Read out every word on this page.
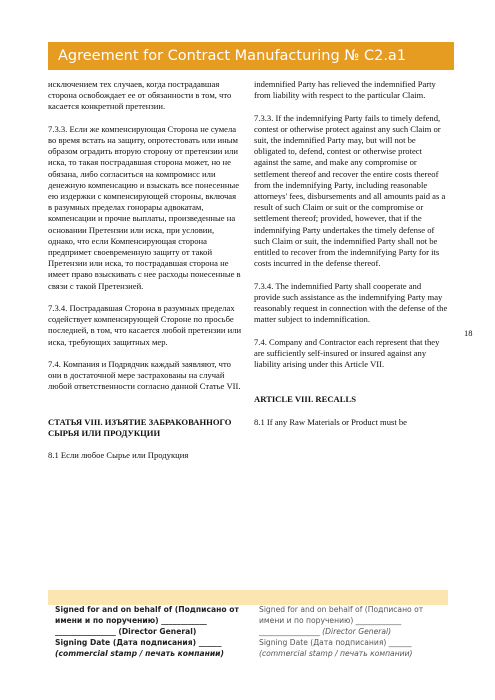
Agreement for Contract Manufacturing № C2.a1

исключением тех случаев, когда пострадавшая сторона освобождает ее от обязанности в том, что касается конкретной претензии.

7.3.3. Если же компенсирующая Сторона не сумела во время встать на защиту, опротестовать или иным образом оградить вторую сторону от претензии или иска, то такая пострадавшая сторона может, но не обязана, либо согласиться на компромисс или денежную компенсацию и взыскать все понесенные ею издержки с компенсирующей стороны, включая в разумных пределах гонорары адвокатам, компенсации и прочие выплаты, произведенные на основании Претензии или иска, при условии, однако, что если Компенсирующая сторона предпримет своевременную защиту от такой Претензии или иска, то пострадавшая сторона не имеет право взыскивать с нее расходы понесенные в связи с такой Претензией.

7.3.4. Пострадавшая Сторона в разумных пределах содействует компенсирующей Стороне по просьбе последней, в том, что касается любой претензии или иска, требующих защитных мер.

7.4. Компания и Подрядчик каждый заявляют, что они в достаточной мере застрахованы на случай любой ответственности согласно данной Статье VII.

СТАТЬЯ VIII. ИЗЪЯТИЕ ЗАБРАКОВАННОГО СЫРЬЯ ИЛИ ПРОДУКЦИИ

8.1 Если любое Сырье или Продукция

indemnified Party has relieved the indemnified Party from liability with respect to the particular Claim.

7.3.3. If the indemnifying Party fails to timely defend, contest or otherwise protect against any such Claim or suit, the indemnified Party may, but will not be obligated to, defend, contest or otherwise protect against the same, and make any compromise or settlement thereof and recover the entire costs thereof from the indemnifying Party, including reasonable attorneys' fees, disbursements and all amounts paid as a result of such Claim or suit or the compromise or settlement thereof; provided, however, that if the indemnifying Party undertakes the timely defense of such Claim or suit, the indemnified Party shall not be entitled to recover from the indemnifying Party for its costs incurred in the defense thereof.

7.3.4. The indemnified Party shall cooperate and provide such assistance as the indemnifying Party may reasonably request in connection with the defense of the matter subject to indemnification.

7.4. Company and Contractor each represent that they are sufficiently self-insured or insured against any liability arising under this Article VII.

ARTICLE VIII. RECALLS

8.1 If any Raw Materials or Product must be

18
Signed for and on behalf of (Подписано от
имени и по поручению) ____________
________________ (Director General)
Signing Date (Дата подписания) ______
(commercial stamp / печать компании)
Signed for and on behalf of (Подписано от
имени и по поручению) ____________
________________ (Director General)
Signing Date (Дата подписания) ______
(commercial stamp / печать компании)
